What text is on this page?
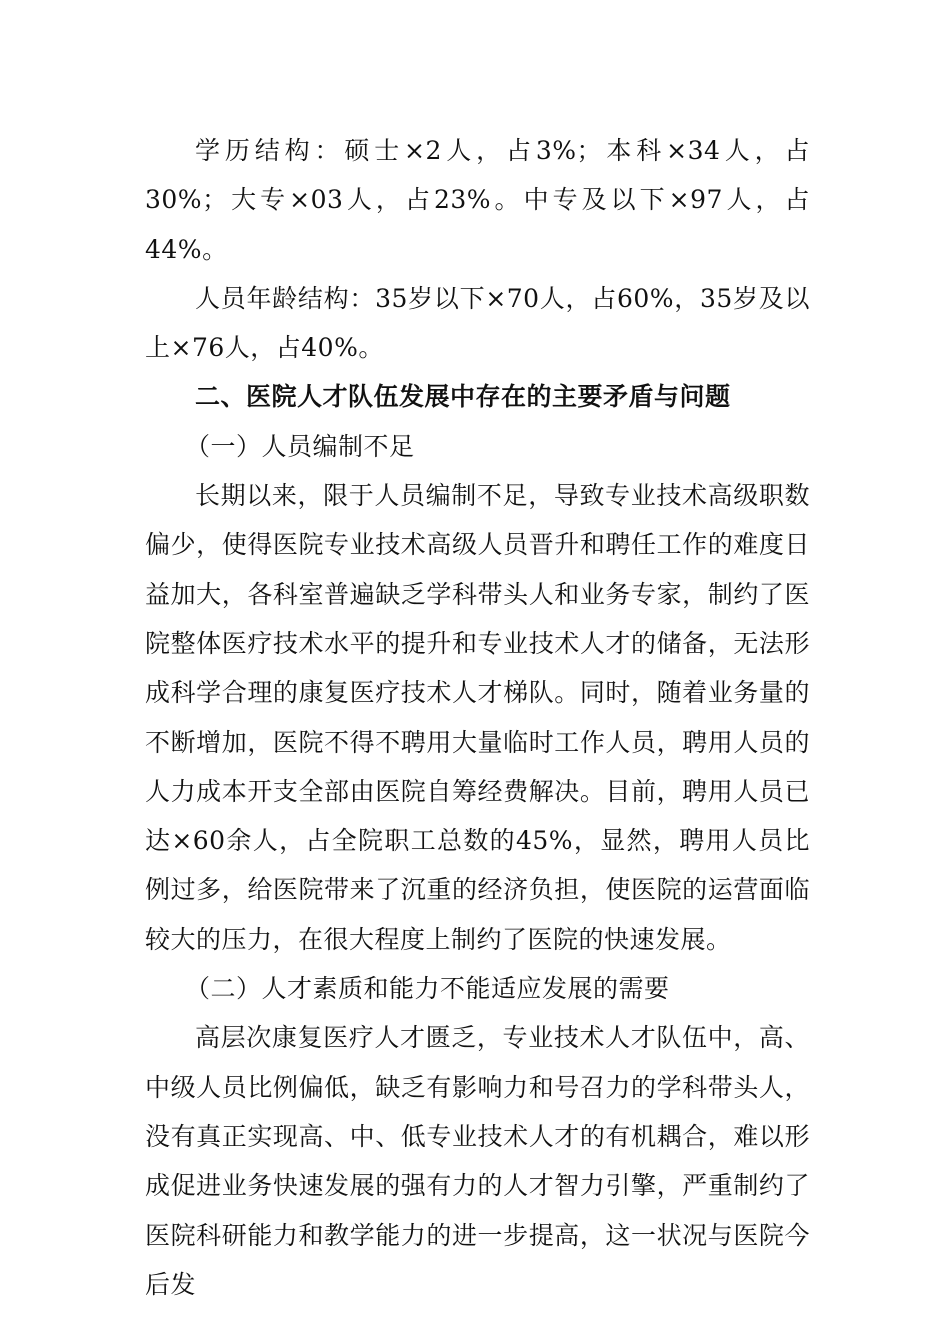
学历结构：硕士×2人，占3%；本科×34人，占30%；大专×03人，占23%。中专及以下×97人，占44%。

人员年龄结构：35岁以下×70人，占60%，35岁及以上×76人，占40%。

二、医院人才队伍发展中存在的主要矛盾与问题

（一）人员编制不足

长期以来，限于人员编制不足，导致专业技术高级职数偏少，使得医院专业技术高级人员晋升和聘任工作的难度日益加大，各科室普遍缺乏学科带头人和业务专家，制约了医院整体医疗技术水平的提升和专业技术人才的储备，无法形成科学合理的康复医疗技术人才梯队。同时，随着业务量的不断增加，医院不得不聘用大量临时工作人员，聘用人员的人力成本开支全部由医院自筹经费解决。目前，聘用人员已达×60余人，占全院职工总数的45%，显然，聘用人员比例过多，给医院带来了沉重的经济负担，使医院的运营面临较大的压力，在很大程度上制约了医院的快速发展。

（二）人才素质和能力不能适应发展的需要

高层次康复医疗人才匮乏，专业技术人才队伍中，高、中级人员比例偏低，缺乏有影响力和号召力的学科带头人，没有真正实现高、中、低专业技术人才的有机耦合，难以形成促进业务快速发展的强有力的人才智力引擎，严重制约了医院科研能力和教学能力的进一步提高，这一状况与医院今后发
